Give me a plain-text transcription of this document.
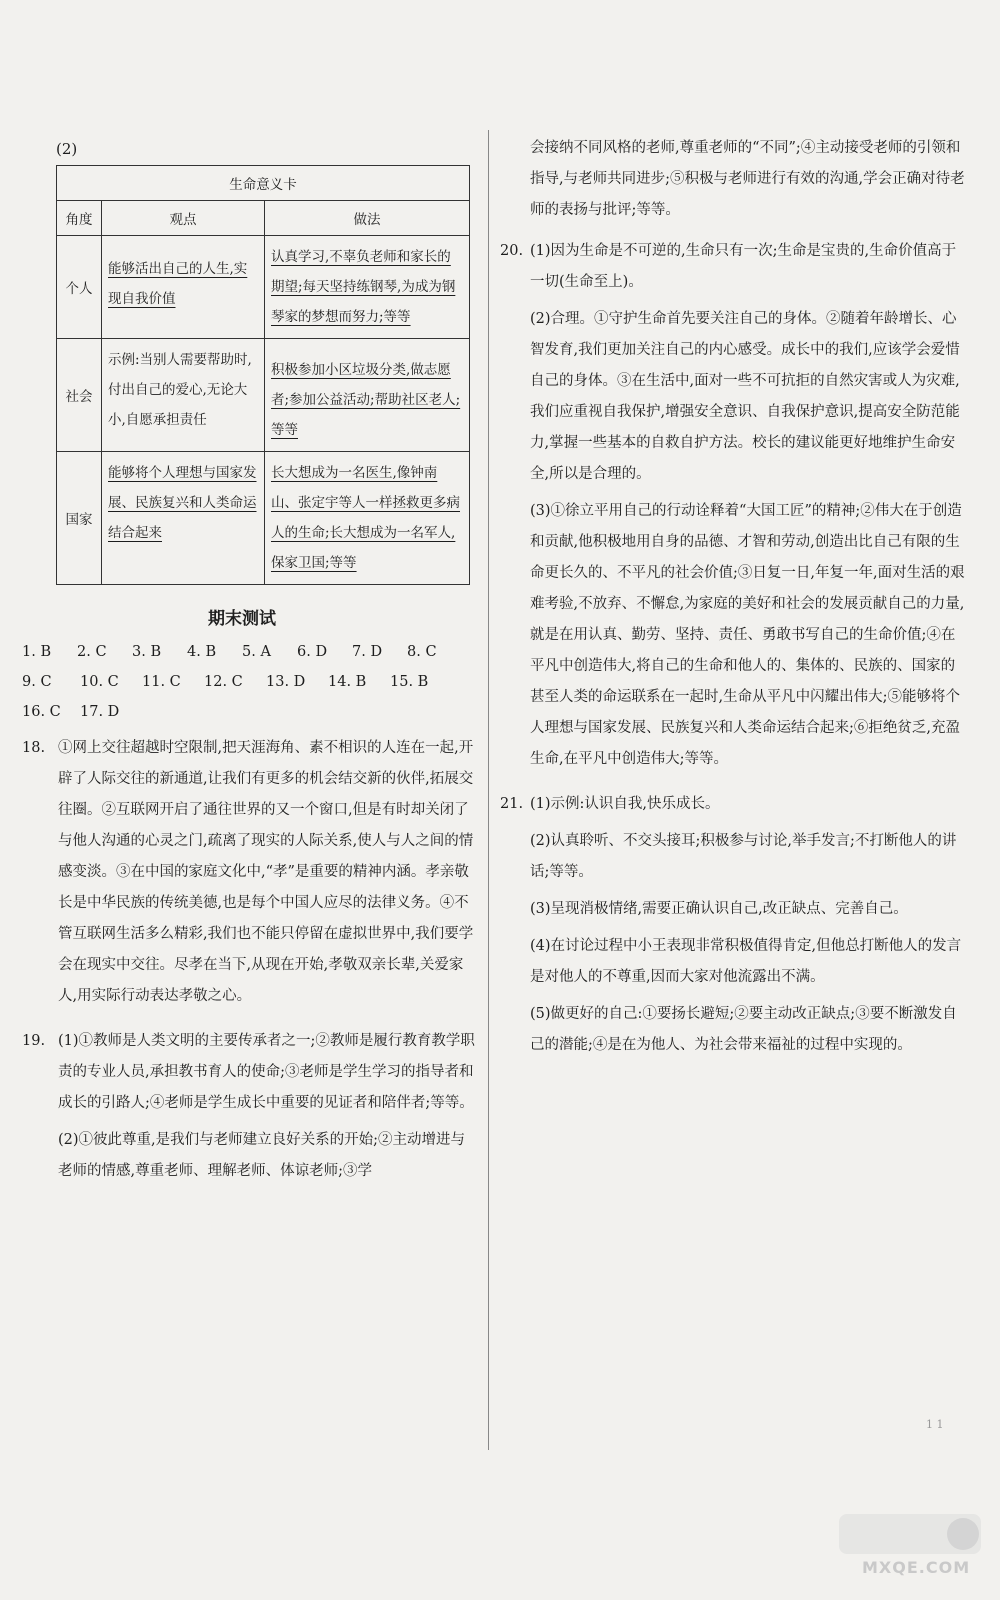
(2)
生命意义卡		
角度	观点	做法
个人	能够活出自己的人生,实现自我价值	认真学习,不辜负老师和家长的期望;每天坚持练钢琴,为成为钢琴家的梦想而努力;等等
社会	示例:当别人需要帮助时,付出自己的爱心,无论大小,自愿承担责任	积极参加小区垃圾分类,做志愿者;参加公益活动;帮助社区老人;等等
国家	能够将个人理想与国家发展、民族复兴和人类命运结合起来	长大想成为一名医生,像钟南山、张定宇等人一样拯救更多病人的生命;长大想成为一名军人,保家卫国;等等
期末测试
1. B 2. C 3. B 4. B 5. A 6. D 7. D 8. C
9. C 10. C 11. C 12. C 13. D 14. B 15. B
16. C 17. D
18. ①网上交往超越时空限制,把天涯海角、素不相识的人连在一起,开辟了人际交往的新通道,让我们有更多的机会结交新的伙伴,拓展交往圈。②互联网开启了通往世界的又一个窗口,但是有时却关闭了与他人沟通的心灵之门,疏离了现实的人际关系,使人与人之间的情感变淡。③在中国的家庭文化中,“孝”是重要的精神内涵。孝亲敬长是中华民族的传统美德,也是每个中国人应尽的法律义务。④不管互联网生活多么精彩,我们也不能只停留在虚拟世界中,我们要学会在现实中交往。尽孝在当下,从现在开始,孝敬双亲长辈,关爱家人,用实际行动表达孝敬之心。

19. (1)①教师是人类文明的主要传承者之一;②教师是履行教育教学职责的专业人员,承担教书育人的使命;③老师是学生学习的指导者和成长的引路人;④老师是学生成长中重要的见证者和陪伴者;等等。

(2)①彼此尊重,是我们与老师建立良好关系的开始;②主动增进与老师的情感,尊重老师、理解老师、体谅老师;③学

会接纳不同风格的老师,尊重老师的“不同”;④主动接受老师的引领和指导,与老师共同进步;⑤积极与老师进行有效的沟通,学会正确对待老师的表扬与批评;等等。
20. (1)因为生命是不可逆的,生命只有一次;生命是宝贵的,生命价值高于一切(生命至上)。

(2)合理。①守护生命首先要关注自己的身体。②随着年龄增长、心智发育,我们更加关注自己的内心感受。成长中的我们,应该学会爱惜自己的身体。③在生活中,面对一些不可抗拒的自然灾害或人为灾难,我们应重视自我保护,增强安全意识、自我保护意识,提高安全防范能力,掌握一些基本的自救自护方法。校长的建议能更好地维护生命安全,所以是合理的。

(3)①徐立平用自己的行动诠释着“大国工匠”的精神;②伟大在于创造和贡献,他积极地用自身的品德、才智和劳动,创造出比自己有限的生命更长久的、不平凡的社会价值;③日复一日,年复一年,面对生活的艰难考验,不放弃、不懈怠,为家庭的美好和社会的发展贡献自己的力量,就是在用认真、勤劳、坚持、责任、勇敢书写自己的生命价值;④在平凡中创造伟大,将自己的生命和他人的、集体的、民族的、国家的甚至人类的命运联系在一起时,生命从平凡中闪耀出伟大;⑤能够将个人理想与国家发展、民族复兴和人类命运结合起来;⑥拒绝贫乏,充盈生命,在平凡中创造伟大;等等。

21. (1)示例:认识自我,快乐成长。

(2)认真聆听、不交头接耳;积极参与讨论,举手发言;不打断他人的讲话;等等。

(3)呈现消极情绪,需要正确认识自己,改正缺点、完善自己。

(4)在讨论过程中小王表现非常积极值得肯定,但他总打断他人的发言是对他人的不尊重,因而大家对他流露出不满。

(5)做更好的自己:①要扬长避短;②要主动改正缺点;③要不断激发自己的潜能;④是在为他人、为社会带来福祉的过程中实现的。

1 1
MXQE.COM
